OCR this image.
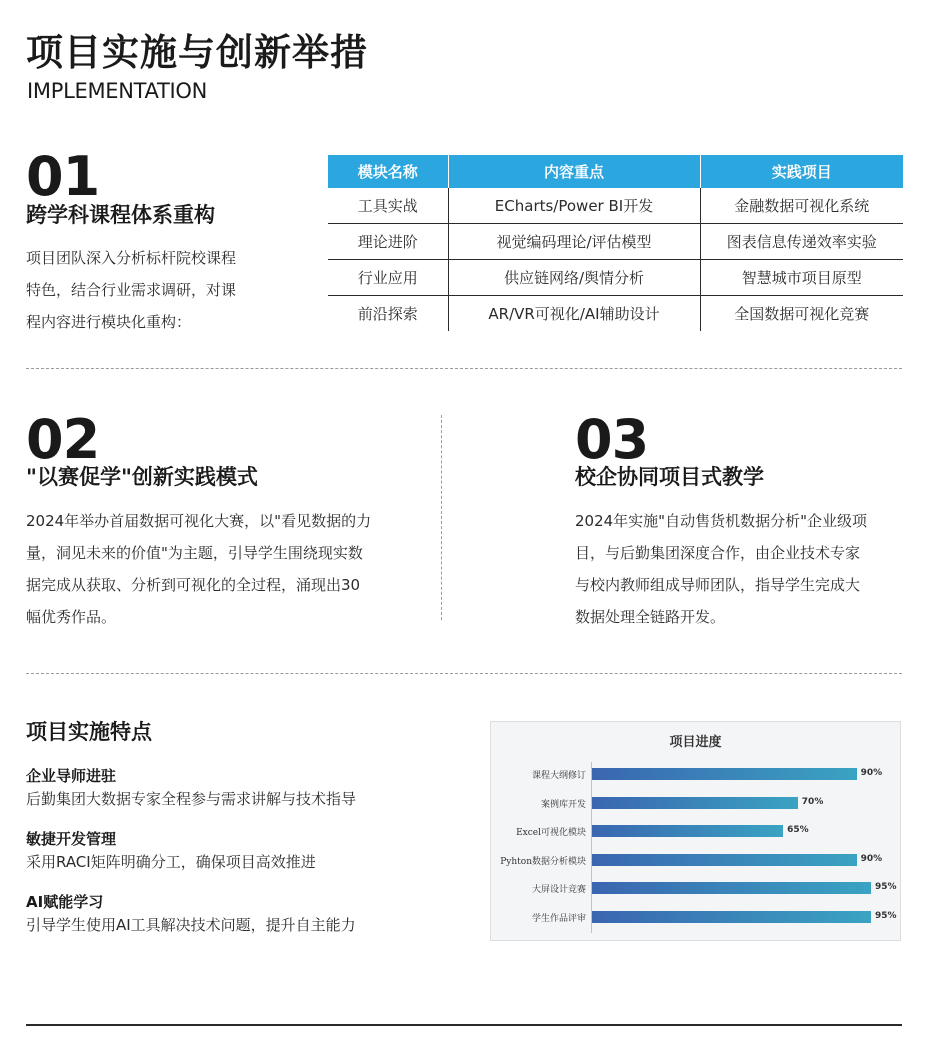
项目实施与创新举措
IMPLEMENTATION
01
跨学科课程体系重构
项目团队深入分析标杆院校课程
特色，结合行业需求调研，对课
程内容进行模块化重构：
模块名称	内容重点	实践项目
工具实战	ECharts/Power BI开发	金融数据可视化系统
理论进阶	视觉编码理论/评估模型	图表信息传递效率实验
行业应用	供应链网络/舆情分析	智慧城市项目原型
前沿探索	AR/VR可视化/AI辅助设计	全国数据可视化竞赛
02
"以赛促学"创新实践模式
2024年举办首届数据可视化大赛，以"看见数据的力
量，洞见未来的价值"为主题，引导学生围绕现实数
据完成从获取、分析到可视化的全过程，涌现出30
幅优秀作品。
03
校企协同项目式教学
2024年实施"自动售货机数据分析"企业级项
目，与后勤集团深度合作，由企业技术专家
与校内教师组成导师团队，指导学生完成大
数据处理全链路开发。
项目实施特点
企业导师进驻
后勤集团大数据专家全程参与需求讲解与技术指导
敏捷开发管理
采用RACI矩阵明确分工，确保项目高效推进
AI赋能学习
引导学生使用AI工具解决技术问题，提升自主能力
项目进度
课程大纲修订	90%
案例库开发	70%
Excel可视化模块	65%
Pyhton数据分析模块	90%
大屏设计竞赛	95%
学生作品评审	95%
